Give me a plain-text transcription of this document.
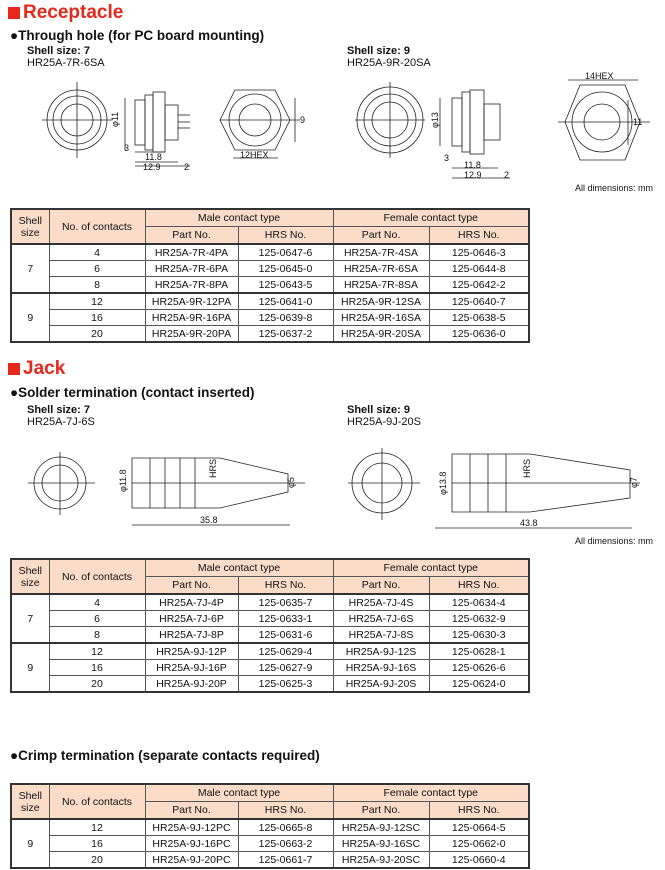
Receptacle
●Through hole (for PC board mounting)
Shell size: 7
HR25A-7R-6SA
Shell size: 9
HR25A-9R-20SA
φ11
3
11.8
12.9	2
12HEX
9	φ13
3
11.8
12.9 2
14HEX
11
All dimensions: mm
Shell
size	No. of contacts	Male contact type		Female contact type	
		Part No.	HRS No.	Part No.	HRS No.
7	4	HR25A-7R-4PA	125-0647-6	HR25A-7R-4SA	125-0646-3
	6	HR25A-7R-6PA	125-0645-0	HR25A-7R-6SA	125-0644-8
	8	HR25A-7R-8PA	125-0643-5	HR25A-7R-8SA	125-0642-2
9	12	HR25A-9R-12PA	125-0641-0	HR25A-9R-12SA	125-0640-7
	16	HR25A-9R-16PA	125-0639-8	HR25A-9R-16SA	125-0638-5
	20	HR25A-9R-20PA	125-0637-2	HR25A-9R-20SA	125-0636-0
Jack
●Solder termination (contact inserted)
Shell size: 7
HR25A-7J-6S
Shell size: 9
HR25A-9J-20S
φ11.8	φ5
35.8
HRS
φ13.8	φ7
43.8
HRS
All dimensions: mm
Shell
size	No. of contacts	Male contact type		Female contact type	
		Part No.	HRS No.	Part No.	HRS No.
7	4	HR25A-7J-4P	125-0635-7	HR25A-7J-4S	125-0634-4
	6	HR25A-7J-6P	125-0633-1	HR25A-7J-6S	125-0632-9
	8	HR25A-7J-8P	125-0631-6	HR25A-7J-8S	125-0630-3
9	12	HR25A-9J-12P	125-0629-4	HR25A-9J-12S	125-0628-1
	16	HR25A-9J-16P	125-0627-9	HR25A-9J-16S	125-0626-6
	20	HR25A-9J-20P	125-0625-3	HR25A-9J-20S	125-0624-0
●Crimp termination (separate contacts required)
Shell
size	No. of contacts	Male contact type		Female contact type	
		Part No.	HRS No.	Part No.	HRS No.
9	12	HR25A-9J-12PC	125-0665-8	HR25A-9J-12SC	125-0664-5
	16	HR25A-9J-16PC	125-0663-2	HR25A-9J-16SC	125-0662-0
	20	HR25A-9J-20PC	125-0661-7	HR25A-9J-20SC	125-0660-4
